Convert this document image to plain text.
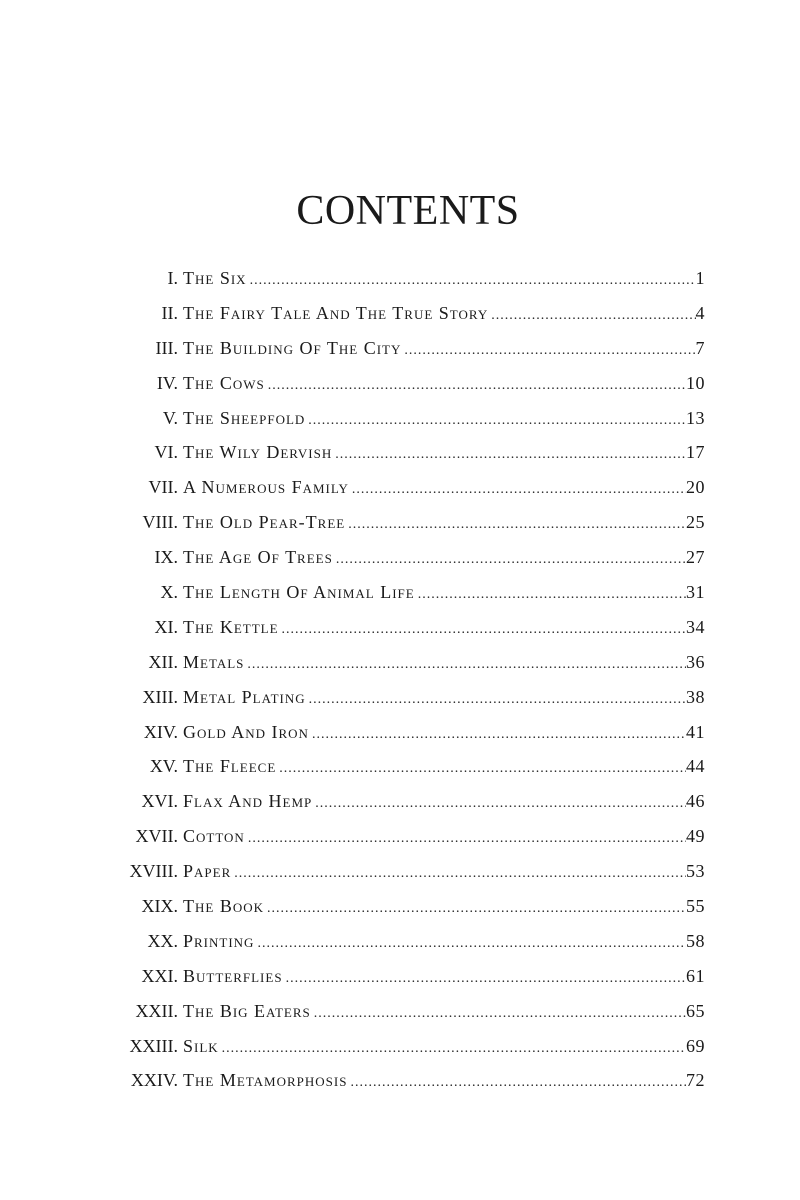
CONTENTS
I. The Six .....	1
II. The Fairy Tale And The True Story .....	4
III. The Building Of The City .....	7
IV. The Cows .....	10
V. The Sheepfold .....	13
VI. The Wily Dervish .....	17
VII. A Numerous Family .....	20
VIII. The Old Pear-Tree .....	25
IX. The Age Of Trees .....	27
X. The Length Of Animal Life .....	31
XI. The Kettle .....	34
XII. Metals .....	36
XIII. Metal Plating .....	38
XIV. Gold And Iron .....	41
XV. The Fleece .....	44
XVI. Flax And Hemp .....	46
XVII. Cotton .....	49
XVIII. Paper .....	53
XIX. The Book .....	55
XX. Printing .....	58
XXI. Butterflies .....	61
XXII. The Big Eaters .....	65
XXIII. Silk .....	69
XXIV. The Metamorphosis .....	72
